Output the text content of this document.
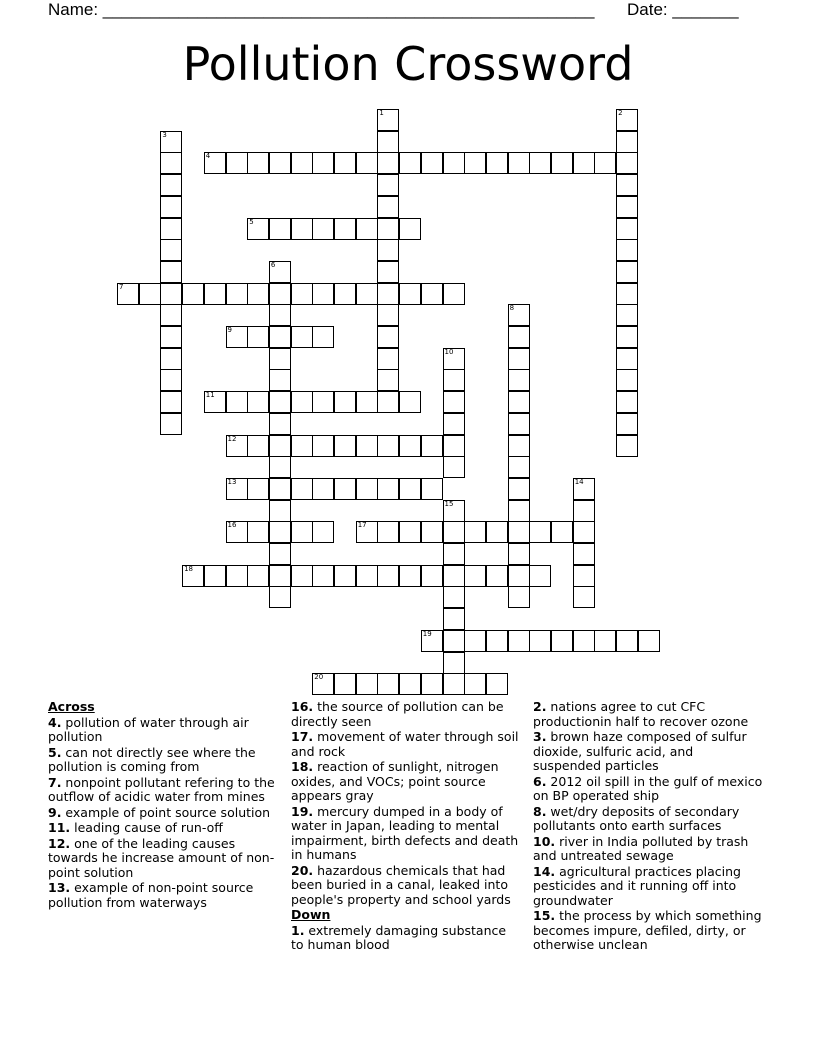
Name: ____________________________________________________ Date: _______
Pollution Crossword
1	2
3
4
5
6
7
8
9
10
11
12
13	14
15
16	17
18
19
20
Across
4. pollution of water through air pollution
5. can not directly see where the pollution is coming from
7. nonpoint pollutant refering to the outflow of acidic water from mines
9. example of point source solution
11. leading cause of run-off
12. one of the leading causes towards he increase amount of non-point solution
13. example of non-point source pollution from waterways
16. the source of pollution can be directly seen
17. movement of water through soil and rock
18. reaction of sunlight, nitrogen oxides, and VOCs; point source appears gray
19. mercury dumped in a body of water in Japan, leading to mental impairment, birth defects and death in humans
20. hazardous chemicals that had been buried in a canal, leaked into people's property and school yards
Down
1. extremely damaging substance to human blood
2. nations agree to cut CFC productionin half to recover ozone
3. brown haze composed of sulfur dioxide, sulfuric acid, and suspended particles
6. 2012 oil spill in the gulf of mexico on BP operated ship
8. wet/dry deposits of secondary pollutants onto earth surfaces
10. river in India polluted by trash and untreated sewage
14. agricultural practices placing pesticides and it running off into groundwater
15. the process by which something becomes impure, defiled, dirty, or otherwise unclean
